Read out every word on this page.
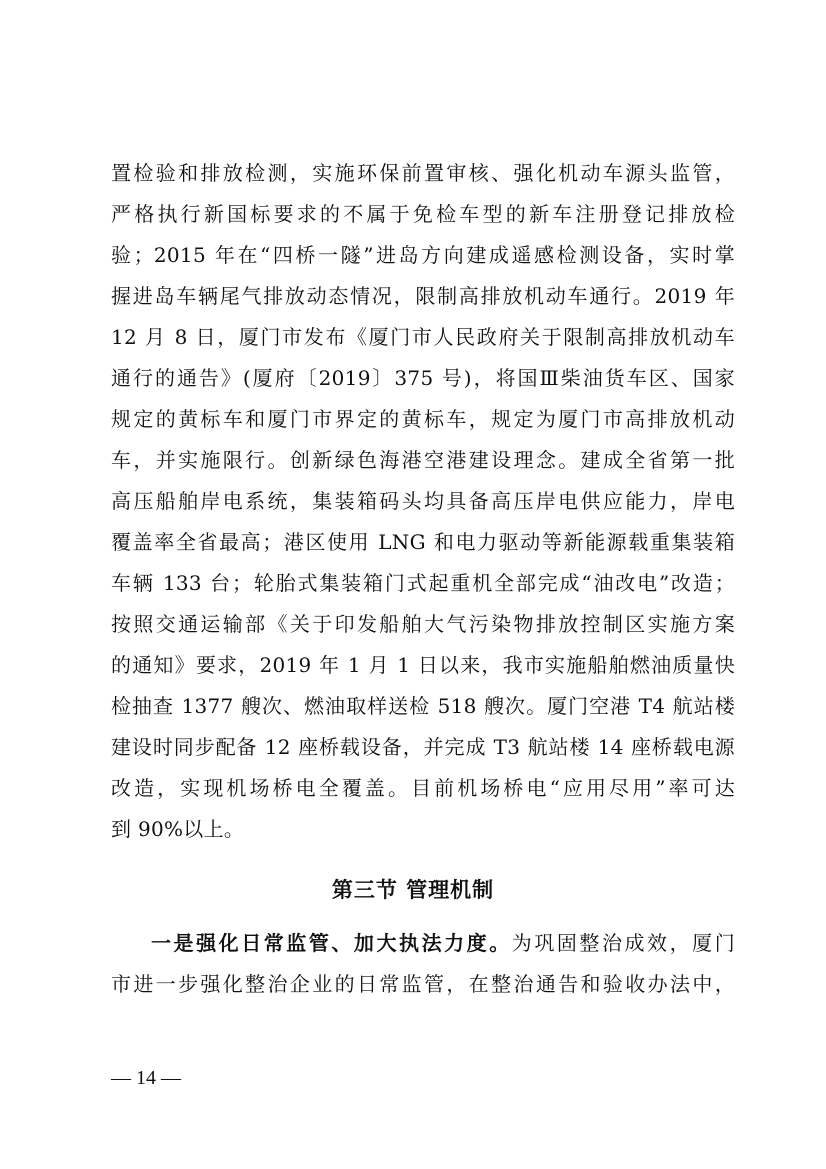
置检验和排放检测，实施环保前置审核、强化机动车源头监管，
严格执行新国标要求的不属于免检车型的新车注册登记排放检
验；2015 年在“四桥一隧”进岛方向建成遥感检测设备，实时掌
握进岛车辆尾气排放动态情况，限制高排放机动车通行。2019 年
12 月 8 日，厦门市发布《厦门市人民政府关于限制高排放机动车
通行的通告》(厦府〔2019〕375 号)，将国Ⅲ柴油货车区、国家
规定的黄标车和厦门市界定的黄标车，规定为厦门市高排放机动
车，并实施限行。创新绿色海港空港建设理念。建成全省第一批
高压船舶岸电系统，集装箱码头均具备高压岸电供应能力，岸电
覆盖率全省最高；港区使用 LNG 和电力驱动等新能源载重集装箱
车辆 133 台；轮胎式集装箱门式起重机全部完成“油改电”改造；
按照交通运输部《关于印发船舶大气污染物排放控制区实施方案
的通知》要求，2019 年 1 月 1 日以来，我市实施船舶燃油质量快
检抽查 1377 艘次、燃油取样送检 518 艘次。厦门空港 T4 航站楼
建设时同步配备 12 座桥载设备，并完成 T3 航站楼 14 座桥载电源
改造，实现机场桥电全覆盖。目前机场桥电“应用尽用”率可达
到 90%以上。
第三节 管理机制
一是强化日常监管、加大执法力度。为巩固整治成效，厦门
市进一步强化整治企业的日常监管，在整治通告和验收办法中，
— 14 —
